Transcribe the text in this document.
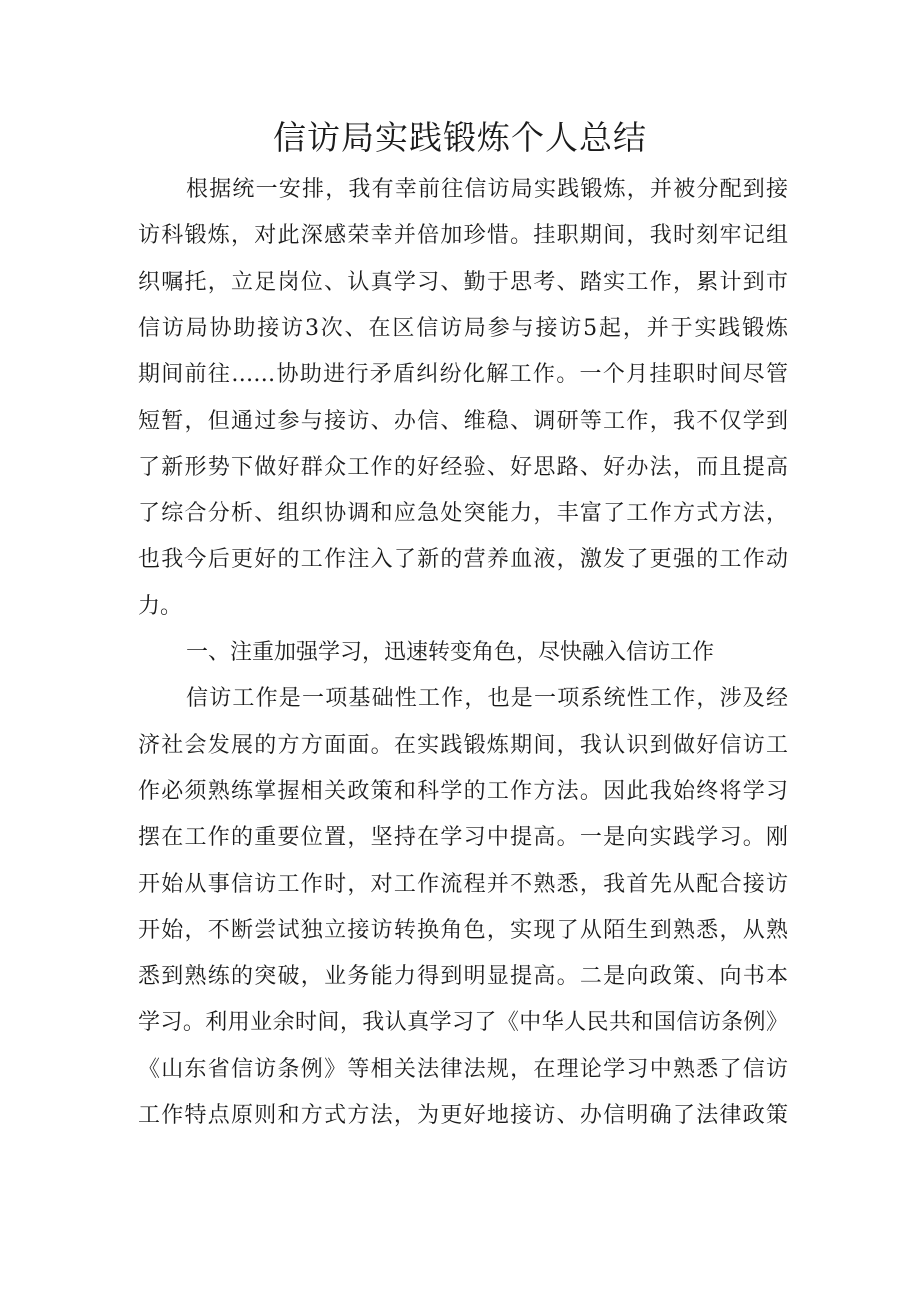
信访局实践锻炼个人总结

根据统一安排，我有幸前往信访局实践锻炼，并被分配到接

访科锻炼，对此深感荣幸并倍加珍惜。挂职期间，我时刻牢记组

织嘱托，立足岗位、认真学习、勤于思考、踏实工作，累计到市

信访局协助接访3次、在区信访局参与接访5起，并于实践锻炼

期间前往……协助进行矛盾纠纷化解工作。一个月挂职时间尽管

短暂，但通过参与接访、办信、维稳、调研等工作，我不仅学到

了新形势下做好群众工作的好经验、好思路、好办法，而且提高

了综合分析、组织协调和应急处突能力，丰富了工作方式方法，

也我今后更好的工作注入了新的营养血液，激发了更强的工作动

力。

一、注重加强学习，迅速转变角色，尽快融入信访工作

信访工作是一项基础性工作，也是一项系统性工作，涉及经

济社会发展的方方面面。在实践锻炼期间，我认识到做好信访工

作必须熟练掌握相关政策和科学的工作方法。因此我始终将学习

摆在工作的重要位置，坚持在学习中提高。一是向实践学习。刚

开始从事信访工作时，对工作流程并不熟悉，我首先从配合接访

开始，不断尝试独立接访转换角色，实现了从陌生到熟悉，从熟

悉到熟练的突破，业务能力得到明显提高。二是向政策、向书本

学习。利用业余时间，我认真学习了《中华人民共和国信访条例》

《山东省信访条例》等相关法律法规，在理论学习中熟悉了信访

工作特点原则和方式方法，为更好地接访、办信明确了法律政策
